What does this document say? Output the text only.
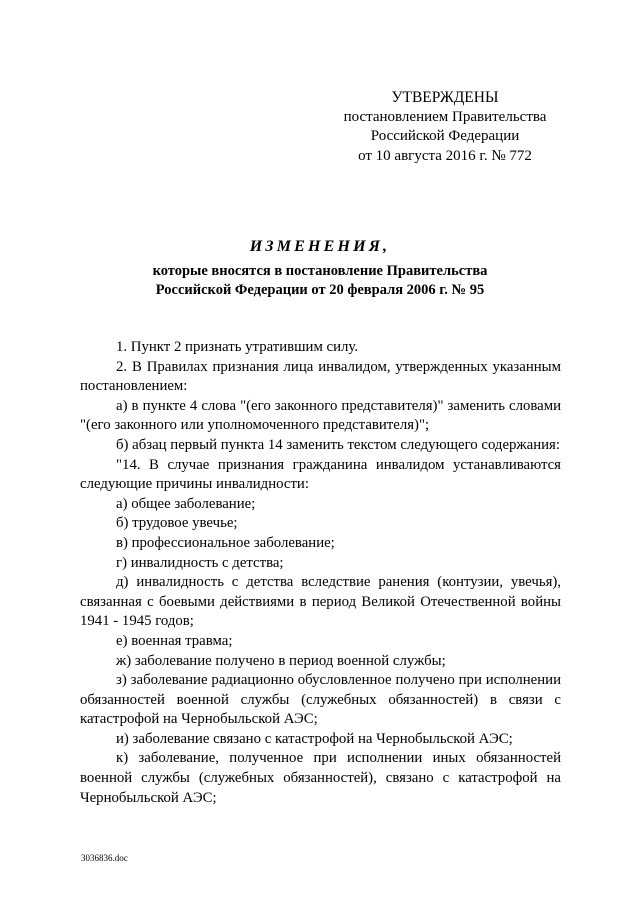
УТВЕРЖДЕНЫ
постановлением Правительства
Российской Федерации
от 10 августа 2016 г. № 772
ИЗМЕНЕНИЯ,
которые вносятся в постановление Правительства
Российской Федерации от 20 февраля 2006 г. № 95

1. Пункт 2 признать утратившим силу.

2. В Правилах признания лица инвалидом, утвержденных указанным постановлением:

а) в пункте 4 слова "(его законного представителя)" заменить словами "(его законного или уполномоченного представителя)";

б) абзац первый пункта 14 заменить текстом следующего содержания:

"14. В случае признания гражданина инвалидом устанавливаются следующие причины инвалидности:

а) общее заболевание;

б) трудовое увечье;

в) профессиональное заболевание;

г) инвалидность с детства;

д) инвалидность с детства вследствие ранения (контузии, увечья), связанная с боевыми действиями в период Великой Отечественной войны 1941 - 1945 годов;

е) военная травма;

ж) заболевание получено в период военной службы;

з) заболевание радиационно обусловленное получено при исполнении обязанностей военной службы (служебных обязанностей) в связи с катастрофой на Чернобыльской АЭС;

и) заболевание связано с катастрофой на Чернобыльской АЭС;

к) заболевание, полученное при исполнении иных обязанностей военной службы (служебных обязанностей), связано с катастрофой на Чернобыльской АЭС;

3036836.doc
